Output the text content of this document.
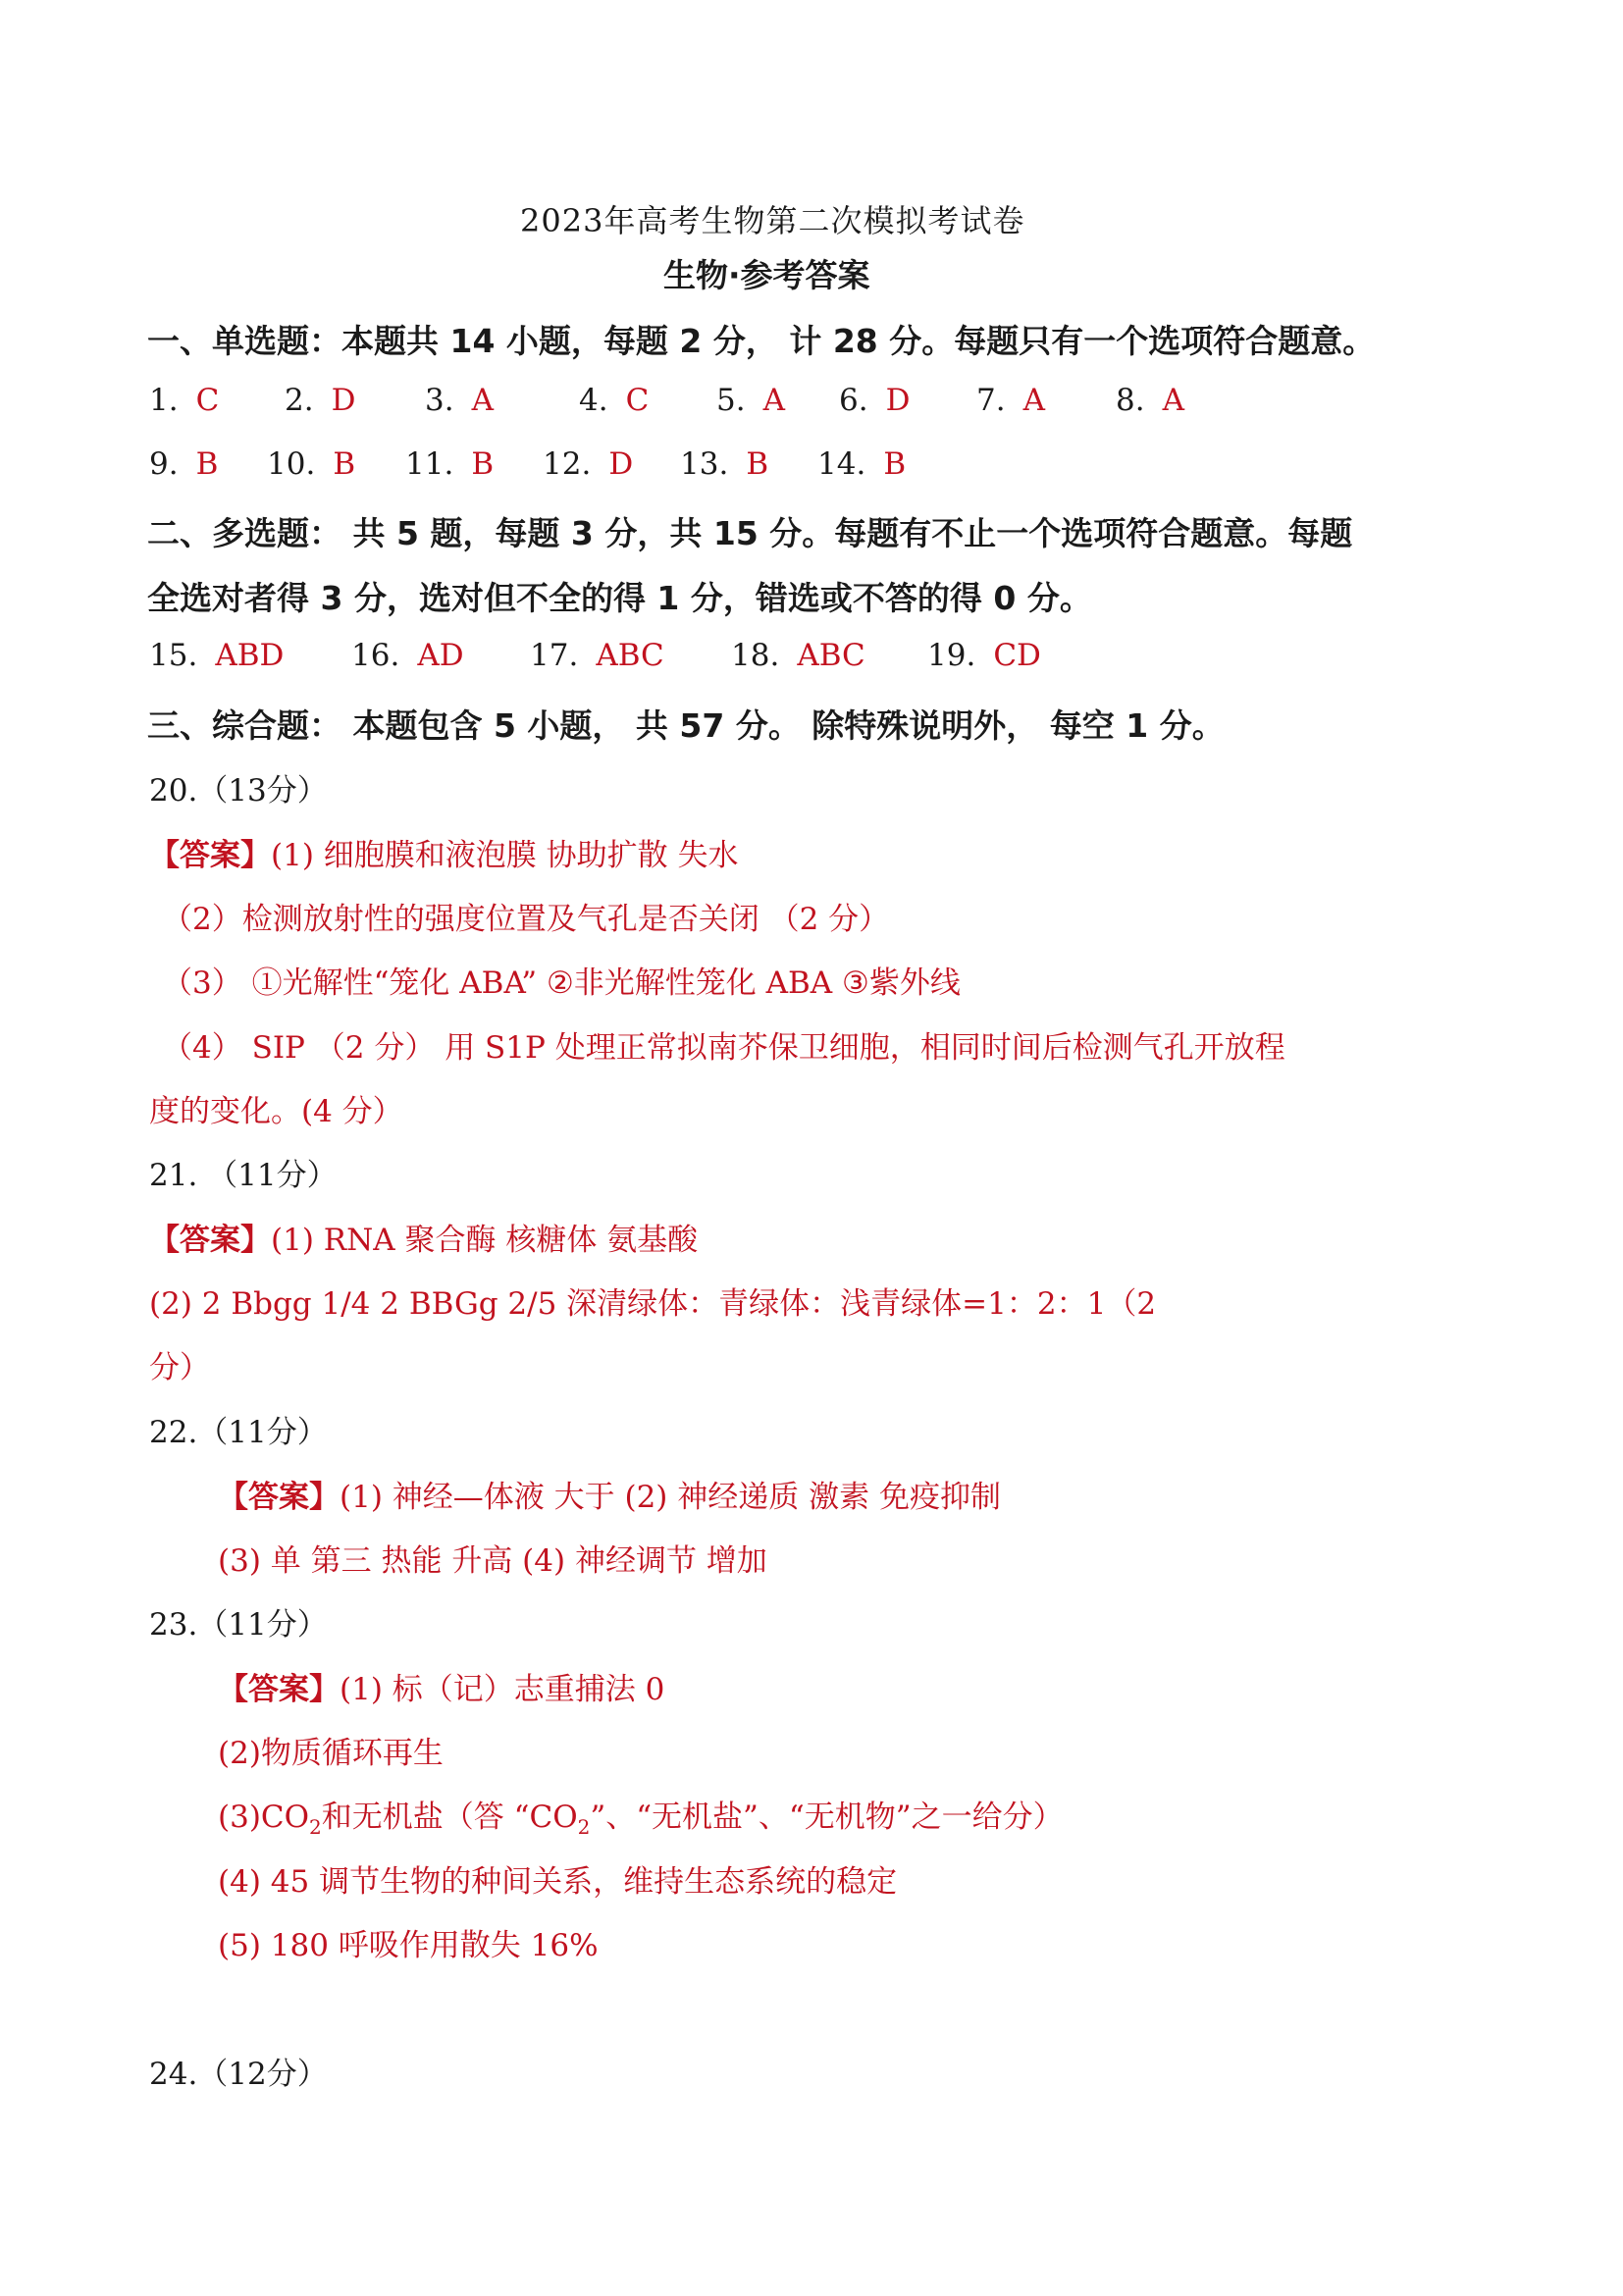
2023年高考生物第二次模拟考试卷
生物·参考答案
一、单选题：本题共 14 小题，每题 2 分， 计 28 分。每题只有一个选项符合题意。
1. C 2. D 3. A	4. C 5. A 6. D 7. A 8. A
9. B 10. B 11. B 12. D 13. B 14. B
二、多选题： 共 5 题，每题 3 分，共 15 分。每题有不止一个选项符合题意。每题
全选对者得 3 分，选对但不全的得 1 分，错选或不答的得 0 分。
15. ABD 16. AD 17. ABC 18. ABC 19. CD
三、综合题： 本题包含 5 小题， 共 57 分。 除特殊说明外， 每空 1 分。
20.（13分）
【答案】(1) 细胞膜和液泡膜 协助扩散 失水
（2）检测放射性的强度位置及气孔是否关闭 （2 分）
（3） ①光解性“笼化 ABA” ②非光解性笼化 ABA ③紫外线
（4） SIP （2 分） 用 S1P 处理正常拟南芥保卫细胞，相同时间后检测气孔开放程
度的变化。(4 分）
21. （11分）
【答案】(1) RNA 聚合酶 核糖体 氨基酸
(2) 2 Bbgg 1/4 2 BBGg 2/5 深清绿体：青绿体：浅青绿体=1：2：1（2
分）
22.（11分）
【答案】(1) 神经—体液 大于 (2) 神经递质 激素 免疫抑制
(3) 单 第三 热能 升高 (4) 神经调节 增加
23.（11分）
【答案】(1) 标（记）志重捕法 0
(2)物质循环再生
$(3)CO_2$和无机盐（答 “$CO_2$”、“无机盐”、“无机物”之一给分）
(4) 45 调节生物的种间关系，维持生态系统的稳定
(5) 180 呼吸作用散失 16%
24.（12分）
